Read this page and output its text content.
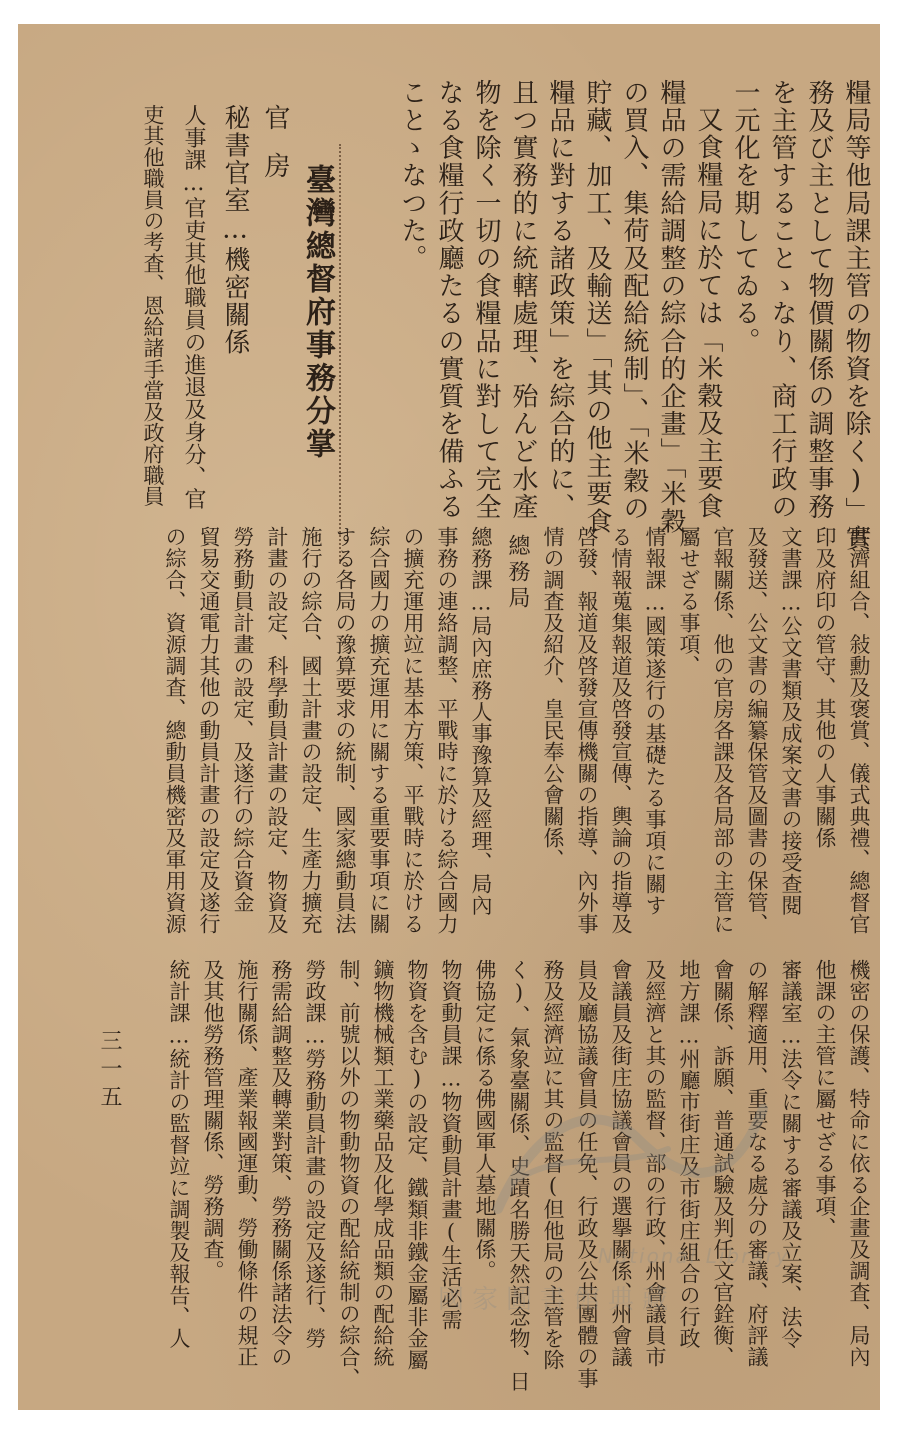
糧局等他局課主管の物資を除く)」實
務及び主として物價關係の調整事務
を主管することゝなり、商工行政の
一元化を期してゐる。
又食糧局に於ては「米穀及主要食
糧品の需給調整の綜合的企畫」「米穀
の買入、集荷及配給統制」、「米穀の
貯藏、加工、及輸送」「其の他主要食
糧品に對する諸政策」を綜合的に、
且つ實務的に統轄處理、殆んど水產
物を除く一切の食糧品に對して完全
なる食糧行政廳たるの實質を備ふる
ことゝなつた。
臺灣總督府事務分掌
官房
秘書官室…機密關係
人事課…官吏其他職員の進退及身分、官
吏其他職員の考査、恩給諸手當及政府職員
共濟組合、敍勳及褒賞、儀式典禮、總督官
印及府印の管守、其他の人事關係
文書課…公文書類及成案文書の接受查閱
及發送、公文書の編纂保管及圖書の保管、
官報關係、他の官房各課及各局部の主管に
屬せざる事項、
情報課…國策遂行の基礎たる事項に關す
る情報蒐集報道及啓發宣傳、輿論の指導及
啓發、報道及啓發宣傳機關の指導、內外事
情の調査及紹介、皇民奉公會關係、
總務局
總務課…局內庶務人事豫算及經理、局內
事務の連絡調整、平戰時に於ける綜合國力
の擴充運用竝に基本方策、平戰時に於ける
綜合國力の擴充運用に關する重要事項に關
する各局の豫算要求の統制、國家總動員法
施行の綜合、國土計畫の設定、生產力擴充
計畫の設定、科學動員計畫の設定、物資及
勞務動員計畫の設定、及遂行の綜合資金
貿易交通電力其他の動員計畫の設定及遂行
の綜合、資源調査、總動員機密及軍用資源
三一五	機密の保護、特命に依る企畫及調査、局內
他課の主管に屬せざる事項、
審議室…法令に關する審議及立案、法令
の解釋適用、重要なる處分の審議、府評議
會關係、訴願、普通試驗及判任文官銓衡、
地方課…州廳市街庄及市街庄組合の行政
及經濟と其の監督、部の行政、州會議員市
會議員及街庄協議會員の選擧關係、州會議
員及廳協議會員の任免、行政及公共團體の事
務及經濟竝に其の監督(但他局の主管を除
く)、氣象臺關係、史蹟名勝天然記念物、日
佛協定に係る佛國軍人墓地關係。
物資動員課…物資動員計畫(生活必需
物資を含む)の設定、鐵類非鐵金屬非金屬
鑛物機械類工業藥品及化學成品類の配給統
制、前號以外の物動物資の配給統制の綜合、
勞政課…勞務動員計畫の設定及遂行、勞
務需給調整及轉業對策、勞務關係諸法令の
施行關係、產業報國運動、勞働條件の規正
及其他勞務管理關係、勞務調査。
統計課…統計の監督竝に調製及報告、人	National Library
國家圖書館典藏
